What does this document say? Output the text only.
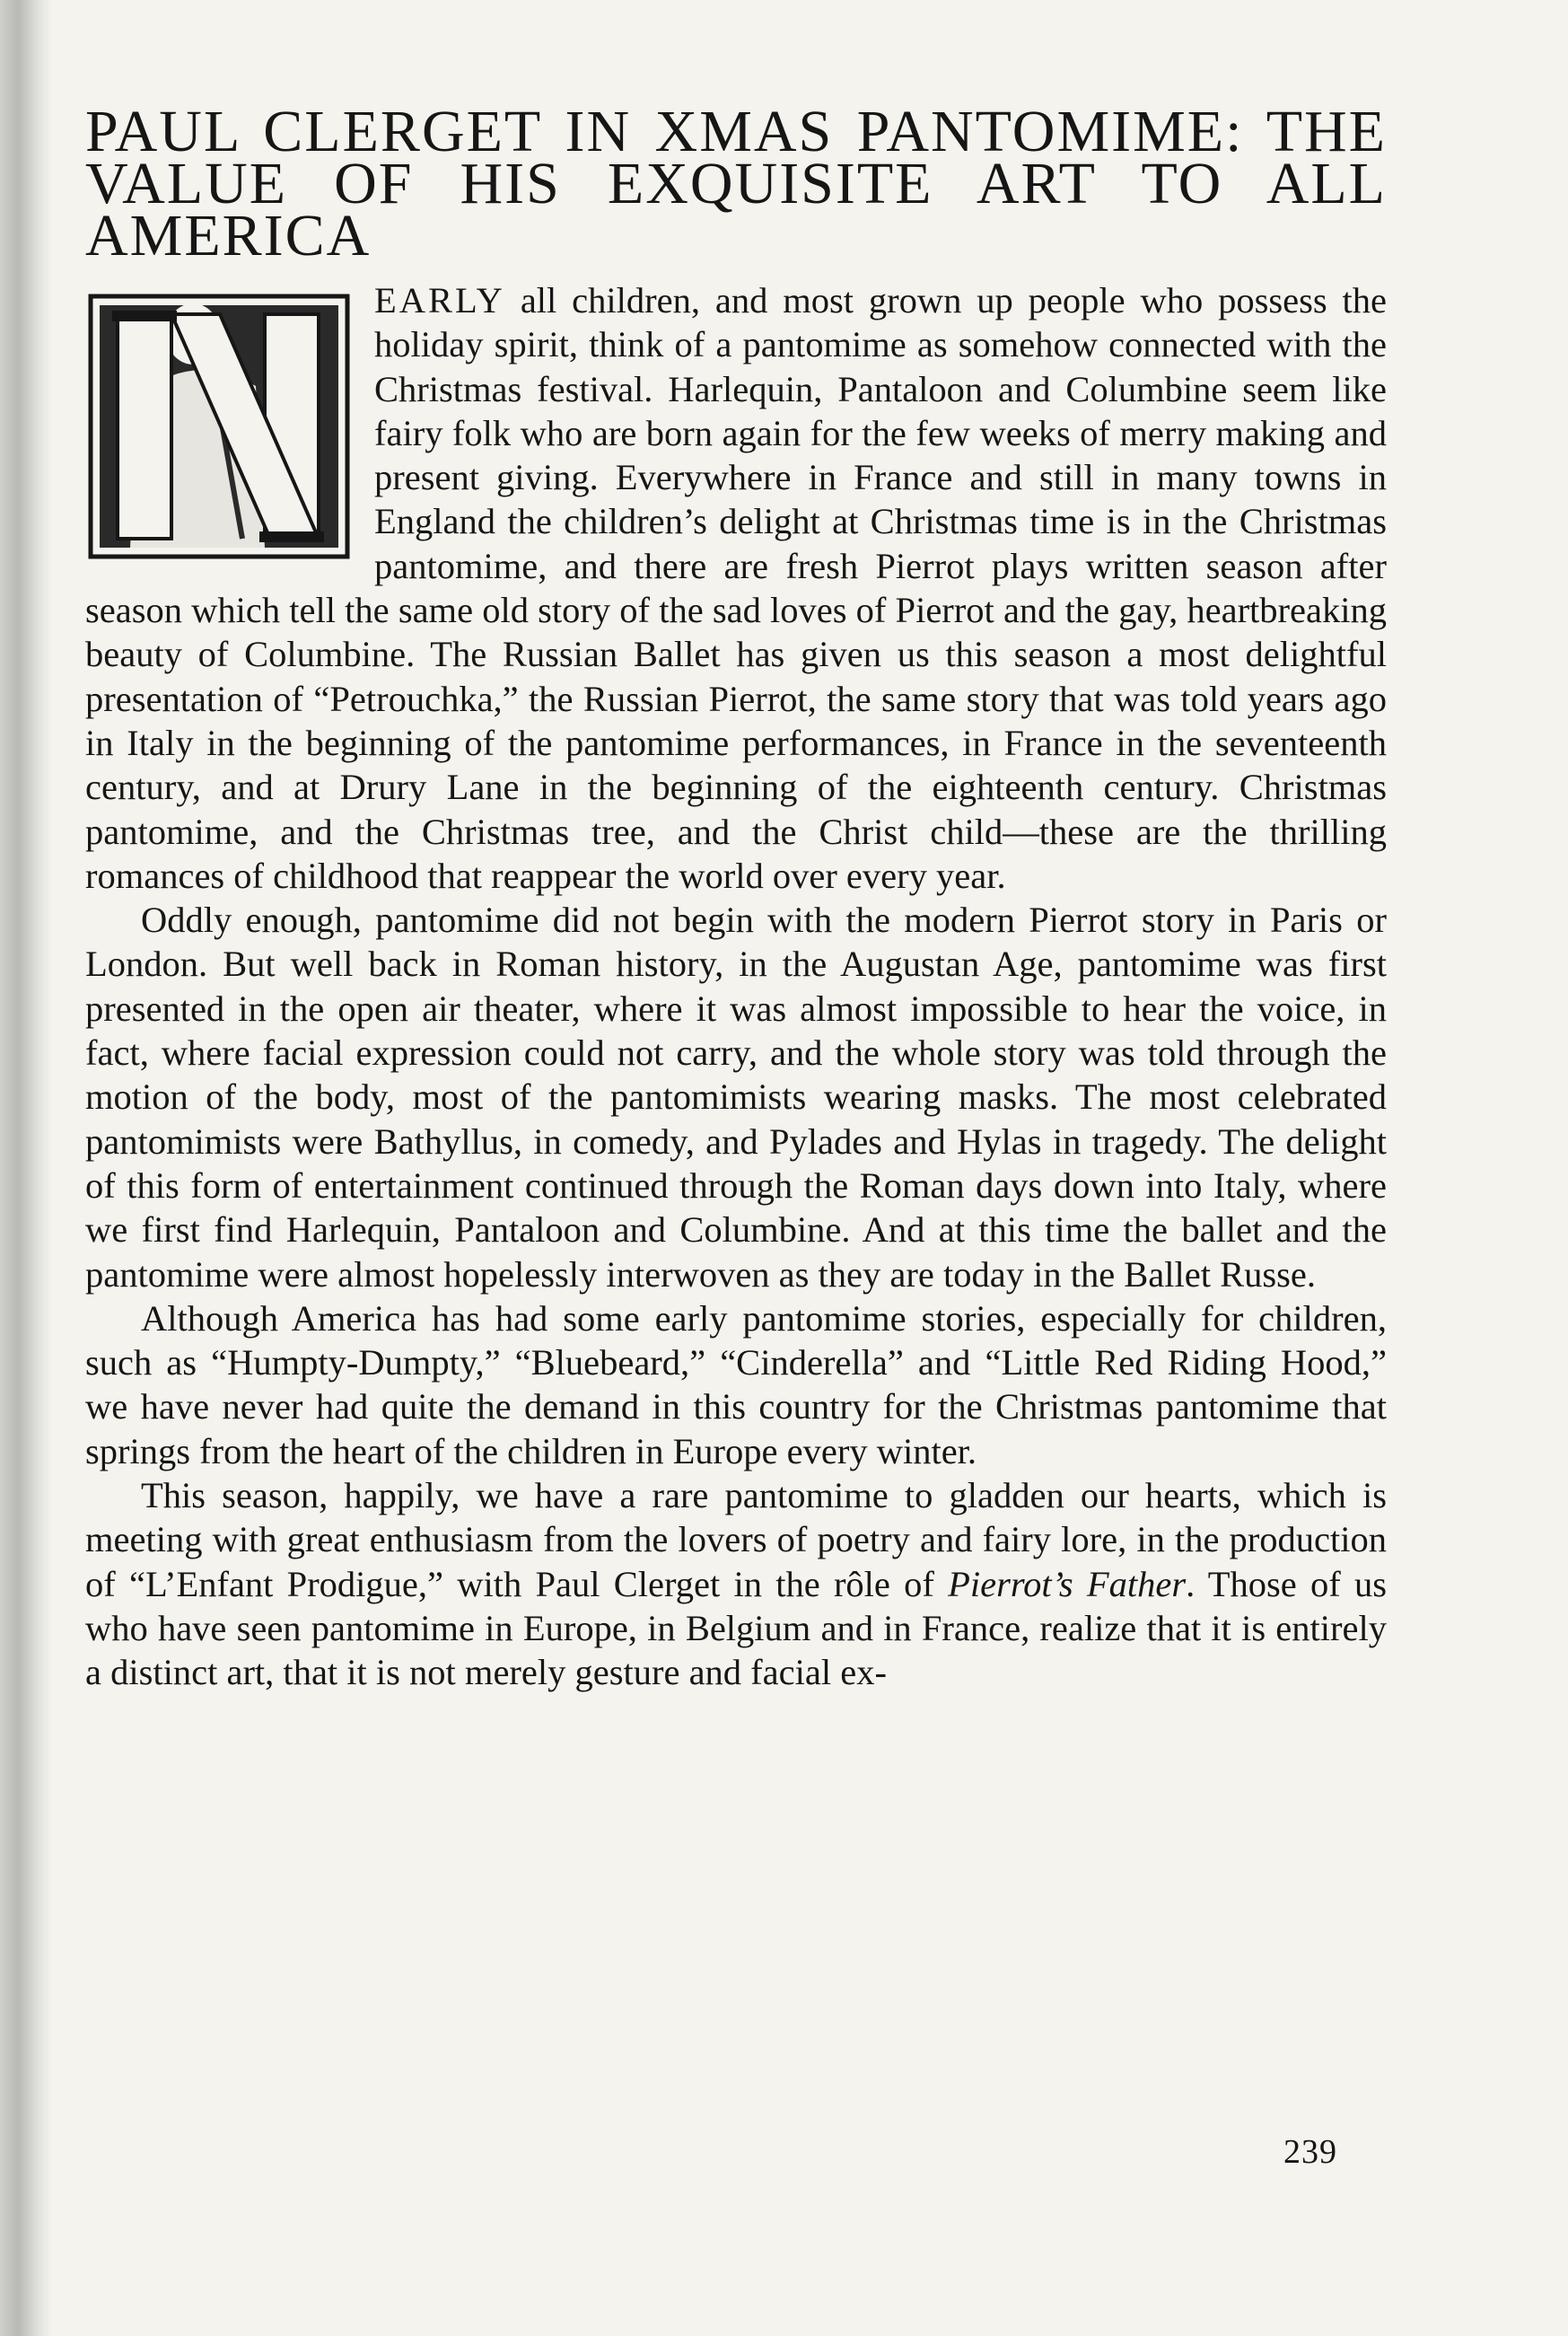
PAUL CLERGET IN XMAS PANTOMIME: THE VALUE OF HIS EXQUISITE ART TO ALL AMERICA

EARLY all children, and most grown up people who possess the holiday spirit, think of a pantomime as somehow connected with the Christmas festival. Harlequin, Pantaloon and Columbine seem like fairy folk who are born again for the few weeks of merry making and present giving. Everywhere in France and still in many towns in England the children’s delight at Christmas time is in the Christmas pantomime, and there are fresh Pierrot plays written season after season which tell the same old story of the sad loves of Pierrot and the gay, heartbreaking beauty of Columbine. The Russian Ballet has given us this season a most delightful presentation of “Petrouchka,” the Russian Pierrot, the same story that was told years ago in Italy in the beginning of the pantomime performances, in France in the seventeenth century, and at Drury Lane in the beginning of the eighteenth century. Christmas pantomime, and the Christmas tree, and the Christ child—these are the thrilling romances of childhood that reappear the world over every year.

Oddly enough, pantomime did not begin with the modern Pierrot story in Paris or London. But well back in Roman history, in the Augustan Age, pantomime was first presented in the open air theater, where it was almost impossible to hear the voice, in fact, where facial expression could not carry, and the whole story was told through the motion of the body, most of the pantomimists wearing masks. The most celebrated pantomimists were Bathyllus, in comedy, and Pylades and Hylas in tragedy. The delight of this form of entertainment continued through the Roman days down into Italy, where we first find Harlequin, Pantaloon and Columbine. And at this time the ballet and the pantomime were almost hopelessly interwoven as they are today in the Ballet Russe.

Although America has had some early pantomime stories, especially for children, such as “Humpty-Dumpty,” “Bluebeard,” “Cinderella” and “Little Red Riding Hood,” we have never had quite the demand in this country for the Christmas pantomime that springs from the heart of the children in Europe every winter.

This season, happily, we have a rare pantomime to gladden our hearts, which is meeting with great enthusiasm from the lovers of poetry and fairy lore, in the production of “L’Enfant Prodigue,” with Paul Clerget in the rôle of Pierrot’s Father. Those of us who have seen pantomime in Europe, in Belgium and in France, realize that it is entirely a distinct art, that it is not merely gesture and facial ex-

239
